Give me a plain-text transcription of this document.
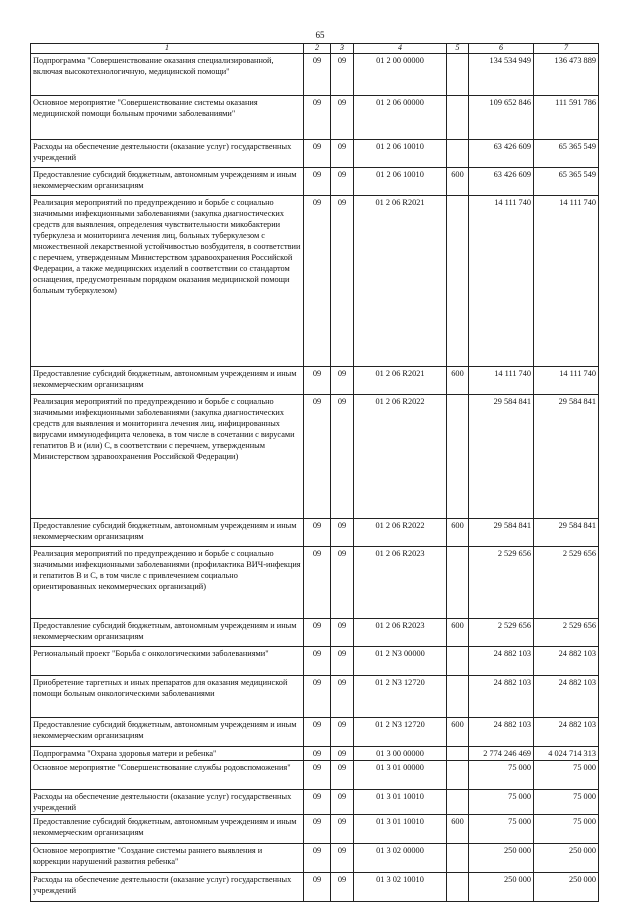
65
1	2	3	4	5	6	7
Подпрограмма "Совершенствование оказания специализированной, включая высокотехнологичную, медицинской помощи"	09	09	01 2 00 00000		134 534 949	136 473 889
Основное мероприятие "Совершенствование системы оказания медицинской помощи больным прочими заболеваниями"	09	09	01 2 06 00000		109 652 846	111 591 786
Расходы на обеспечение деятельности (оказание услуг) государственных учреждений	09	09	01 2 06 10010		63 426 609	65 365 549
Предоставление субсидий бюджетным, автономным учреждениям и иным некоммерческим организациям	09	09	01 2 06 10010	600	63 426 609	65 365 549
Реализация мероприятий по предупреждению и борьбе с социально значимыми инфекционными заболеваниями (закупка диагностических средств для выявления, определения чувствительности микобактерии туберкулеза и мониторинга лечения лиц, больных туберкулезом с множественной лекарственной устойчивостью возбудителя, в соответствии с перечнем, утвержденным Министерством здравоохранения Российской Федерации, а также медицинских изделий в соответствии со стандартом оснащения, предусмотренным порядком оказания медицинской помощи больным туберкулезом)	09	09	01 2 06 R2021		14 111 740	14 111 740
Предоставление субсидий бюджетным, автономным учреждениям и иным некоммерческим организациям	09	09	01 2 06 R2021	600	14 111 740	14 111 740
Реализация мероприятий по предупреждению и борьбе с социально значимыми инфекционными заболеваниями (закупка диагностических средств для выявления и мониторинга лечения лиц, инфицированных вирусами иммунодефицита человека, в том числе в сочетании с вирусами гепатитов В и (или) С, в соответствии с перечнем, утвержденным Министерством здравоохранения Российской Федерации)	09	09	01 2 06 R2022		29 584 841	29 584 841
Предоставление субсидий бюджетным, автономным учреждениям и иным некоммерческим организациям	09	09	01 2 06 R2022	600	29 584 841	29 584 841
Реализация мероприятий по предупреждению и борьбе с социально значимыми инфекционными заболеваниями (профилактика ВИЧ-инфекция и гепатитов В и С, в том числе с привлечением социально ориентированных некоммерческих организаций)	09	09	01 2 06 R2023		2 529 656	2 529 656
Предоставление субсидий бюджетным, автономным учреждениям и иным некоммерческим организациям	09	09	01 2 06 R2023	600	2 529 656	2 529 656
Региональный проект "Борьба с онкологическими заболеваниями"	09	09	01 2 N3 00000		24 882 103	24 882 103
Приобретение таргетных и иных препаратов для оказания медицинской помощи больным онкологическими заболеваниями	09	09	01 2 N3 12720		24 882 103	24 882 103
Предоставление субсидий бюджетным, автономным учреждениям и иным некоммерческим организациям	09	09	01 2 N3 12720	600	24 882 103	24 882 103
Подпрограмма "Охрана здоровья матери и ребенка"	09	09	01 3 00 00000		2 774 246 469	4 024 714 313
Основное мероприятие "Совершенствование службы родовспоможения"	09	09	01 3 01 00000		75 000	75 000
Расходы на обеспечение деятельности (оказание услуг) государственных учреждений	09	09	01 3 01 10010		75 000	75 000
Предоставление субсидий бюджетным, автономным учреждениям и иным некоммерческим организациям	09	09	01 3 01 10010	600	75 000	75 000
Основное мероприятие "Создание системы раннего выявления и коррекции нарушений развития ребенка"	09	09	01 3 02 00000		250 000	250 000
Расходы на обеспечение деятельности (оказание услуг) государственных учреждений	09	09	01 3 02 10010		250 000	250 000
